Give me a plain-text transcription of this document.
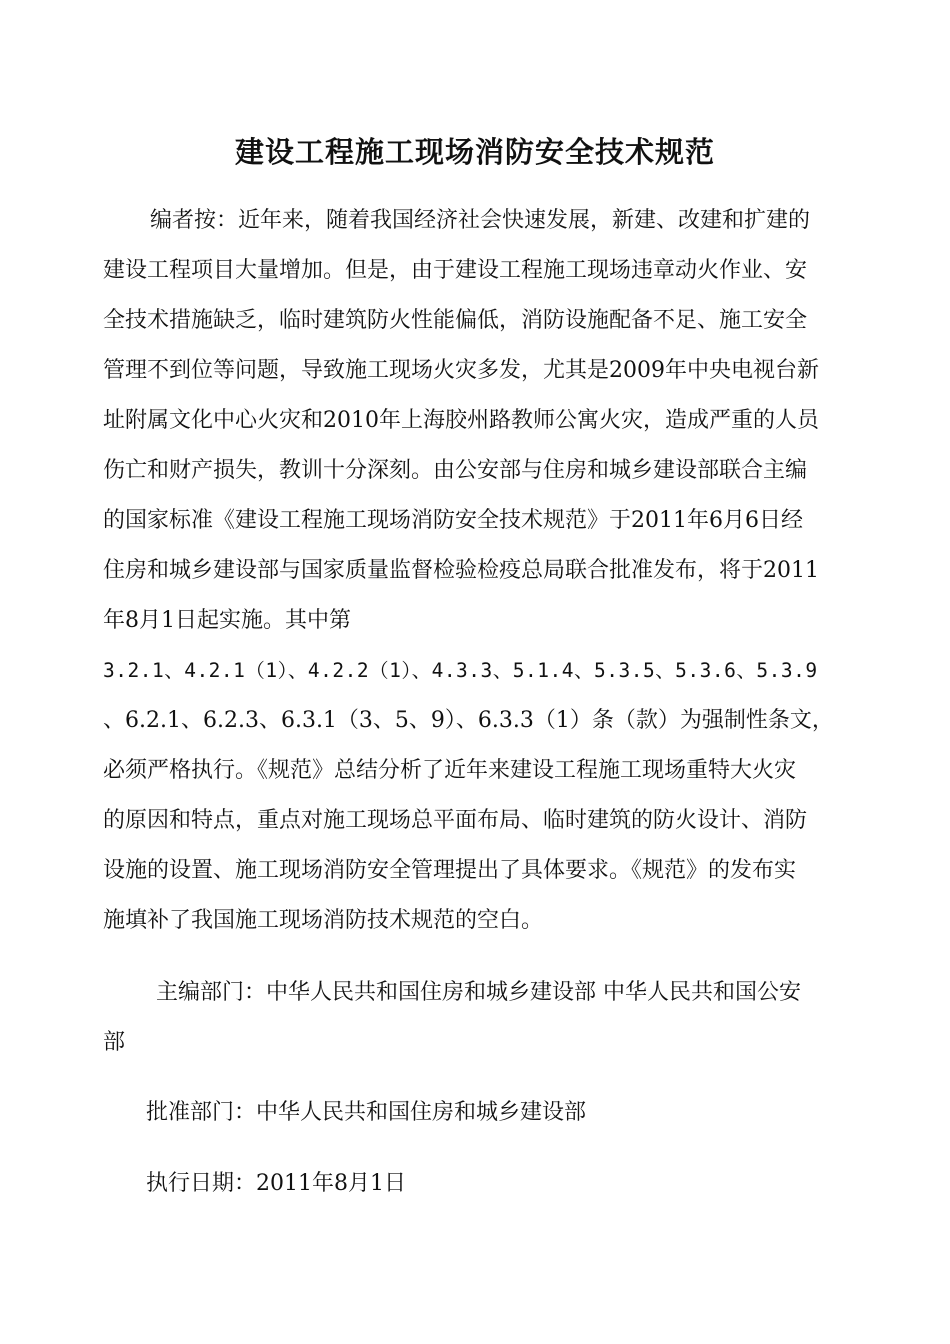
建设工程施工现场消防安全技术规范

编者按：近年来，随着我国经济社会快速发展，新建、改建和扩建的

建设工程项目大量增加。但是，由于建设工程施工现场违章动火作业、安

全技术措施缺乏，临时建筑防火性能偏低，消防设施配备不足、施工安全

管理不到位等问题，导致施工现场火灾多发，尤其是2009年中央电视台新

址附属文化中心火灾和2010年上海胶州路教师公寓火灾，造成严重的人员

伤亡和财产损失，教训十分深刻。由公安部与住房和城乡建设部联合主编

的国家标准《建设工程施工现场消防安全技术规范》于2011年6月6日经

住房和城乡建设部与国家质量监督检验检疫总局联合批准发布，将于2011

年8月1日起实施。其中第

3.2.1、4.2.1（1）、4.2.2（1）、4.3.3、5.1.4、5.3.5、5.3.6、5.3.9

、6.2.1、6.2.3、6.3.1（3、5、9）、6.3.3（1）条（款）为强制性条文，

必须严格执行。《规范》总结分析了近年来建设工程施工现场重特大火灾

的原因和特点，重点对施工现场总平面布局、临时建筑的防火设计、消防

设施的设置、施工现场消防安全管理提出了具体要求。《规范》的发布实

施填补了我国施工现场消防技术规范的空白。

主编部门：中华人民共和国住房和城乡建设部 中华人民共和国公安

部

批准部门：中华人民共和国住房和城乡建设部

执行日期：2011年8月1日
